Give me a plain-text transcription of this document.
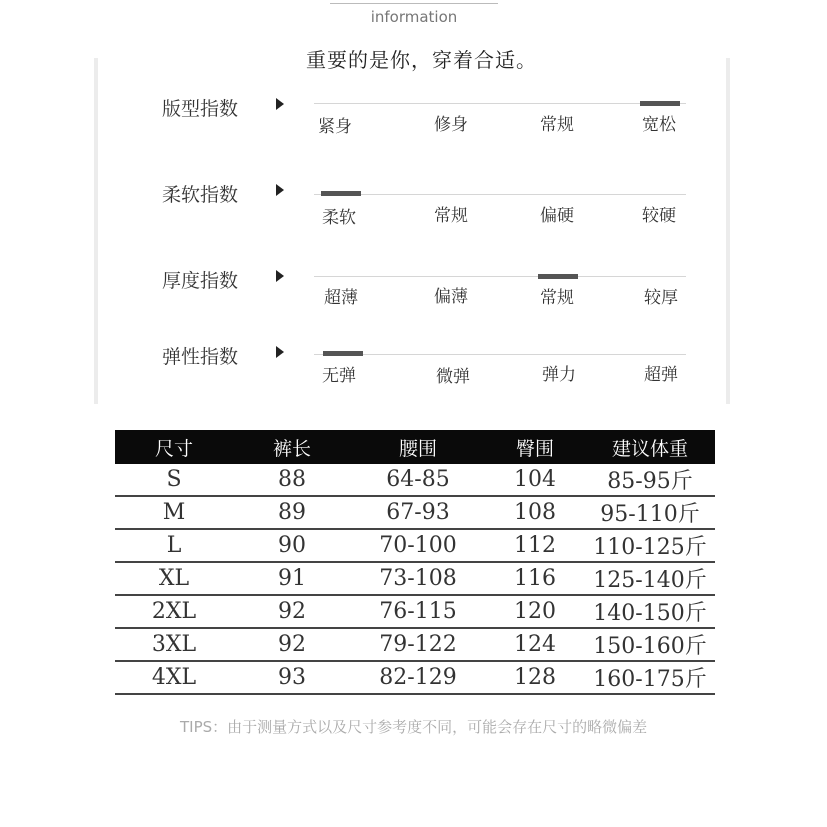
information
重要的是你，穿着合适。
版型指数
紧身	修身	常规	宽松
柔软指数
柔软	常规	偏硬	较硬
厚度指数
超薄	偏薄	常规	较厚
弹性指数
无弹	微弹	弹力	超弹
尺寸	裤长	腰围	臀围	建议体重
S	88	64-85	104	85-95斤
M	89	67-93	108	95-110斤
L	90	70-100	112	110-125斤
XL	91	73-108	116	125-140斤
2XL	92	76-115	120	140-150斤
3XL	92	79-122	124	150-160斤
4XL	93	82-129	128	160-175斤
TIPS：由于测量方式以及尺寸参考度不同，可能会存在尺寸的略微偏差
